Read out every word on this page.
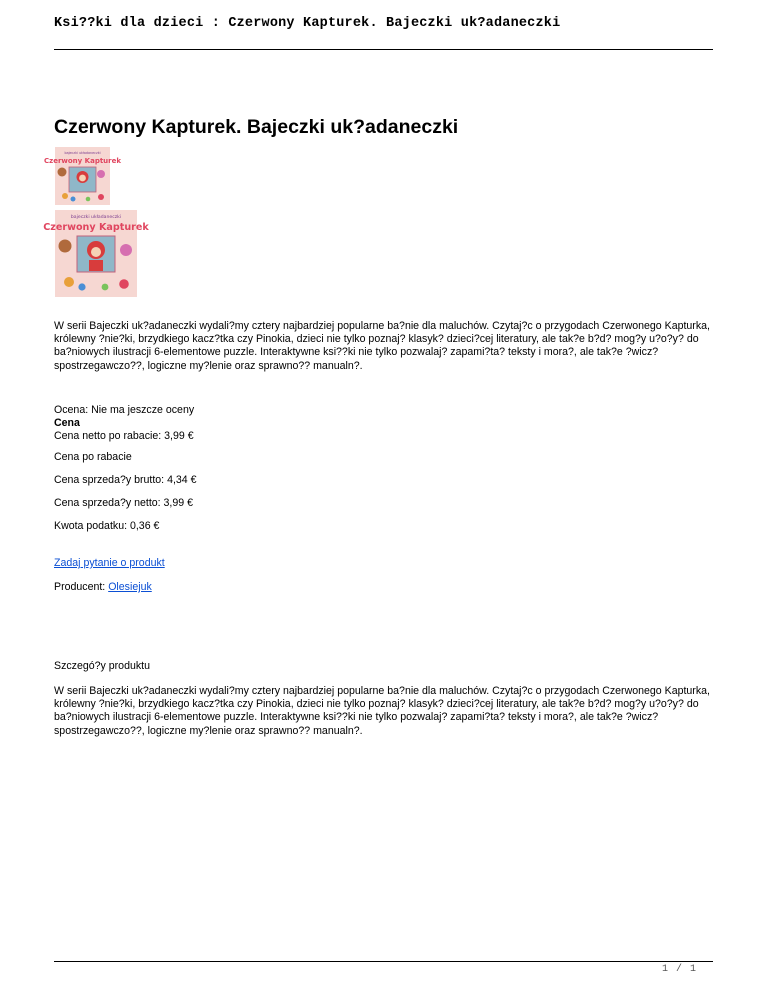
Ksi??ki dla dzieci : Czerwony Kapturek. Bajeczki uk?adaneczki
Czerwony Kapturek. Bajeczki uk?adaneczki
bajeczki układaneczki
Czerwony Kapturek
bajeczki układaneczki
Czerwony Kapturek
W serii Bajeczki uk?adaneczki wydali?my cztery najbardziej popularne ba?nie dla maluchów. Czytaj?c o przygodach Czerwonego Kapturka, królewny ?nie?ki, brzydkiego kacz?tka czy Pinokia, dzieci nie tylko poznaj? klasyk? dzieci?cej literatury, ale tak?e b?d? mog?y u?o?y? do ba?niowych ilustracji 6-elementowe puzzle. Interaktywne ksi??ki nie tylko pozwalaj? zapami?ta? teksty i mora?, ale tak?e ?wicz? spostrzegawczo??, logiczne my?lenie oraz sprawno?? manualn?.
Ocena: Nie ma jeszcze oceny
Cena
Cena netto po rabacie: 3,99 €
Cena po rabacie
Cena sprzeda?y brutto: 4,34 €
Cena sprzeda?y netto: 3,99 €
Kwota podatku: 0,36 €
Zadaj pytanie o produkt
Producent: Olesiejuk
Szczegó?y produktu
W serii Bajeczki uk?adaneczki wydali?my cztery najbardziej popularne ba?nie dla maluchów. Czytaj?c o przygodach Czerwonego Kapturka, królewny ?nie?ki, brzydkiego kacz?tka czy Pinokia, dzieci nie tylko poznaj? klasyk? dzieci?cej literatury, ale tak?e b?d? mog?y u?o?y? do ba?niowych ilustracji 6-elementowe puzzle. Interaktywne ksi??ki nie tylko pozwalaj? zapami?ta? teksty i mora?, ale tak?e ?wicz? spostrzegawczo??, logiczne my?lenie oraz sprawno?? manualn?.
1 / 1
